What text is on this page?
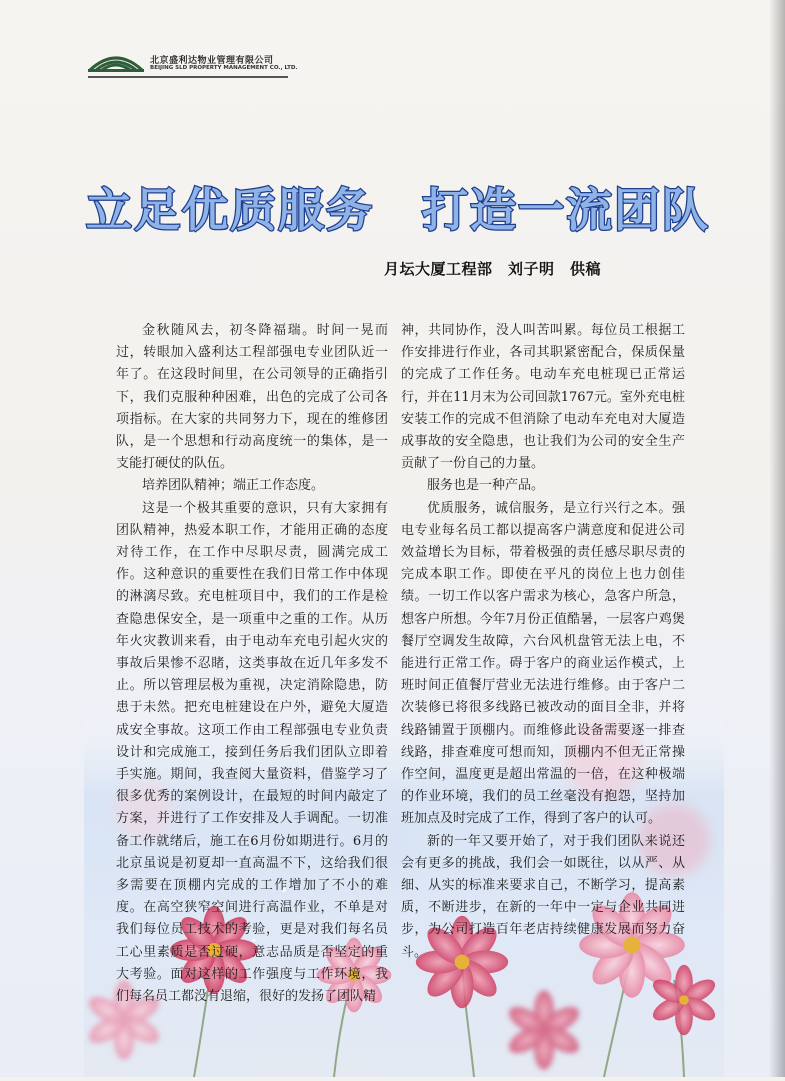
北京盛利达物业管理有限公司
BEIJING SLD PROPERTY MANAGEMENT CO., LTD.
立足优质服务　打造一流团队
月坛大厦工程部　刘子明　供稿

金秋随风去，初冬降福瑞。时间一晃而过，转眼加入盛利达工程部强电专业团队近一年了。在这段时间里，在公司领导的正确指引下，我们克服种种困难，出色的完成了公司各项指标。在大家的共同努力下，现在的维修团队，是一个思想和行动高度统一的集体，是一支能打硬仗的队伍。

培养团队精神；端正工作态度。

这是一个极其重要的意识，只有大家拥有团队精神，热爱本职工作，才能用正确的态度对待工作，在工作中尽职尽责，圆满完成工作。这种意识的重要性在我们日常工作中体现的淋漓尽致。充电桩项目中，我们的工作是检查隐患保安全，是一项重中之重的工作。从历年火灾教训来看，由于电动车充电引起火灾的事故后果惨不忍睹，这类事故在近几年多发不止。所以管理层极为重视，决定消除隐患，防患于未然。把充电桩建设在户外，避免大厦造成安全事故。这项工作由工程部强电专业负责设计和完成施工，接到任务后我们团队立即着手实施。期间，我查阅大量资料，借鉴学习了很多优秀的案例设计，在最短的时间内敲定了方案，并进行了工作安排及人手调配。一切准备工作就绪后，施工在6月份如期进行。6月的北京虽说是初夏却一直高温不下，这给我们很多需要在顶棚内完成的工作增加了不小的难度。在高空狭窄空间进行高温作业，不单是对我们每位员工技术的考验，更是对我们每名员工心里素质是否过硬，意志品质是否坚定的重大考验。面对这样的工作强度与工作环境，我们每名员工都没有退缩，很好的发扬了团队精

神，共同协作，没人叫苦叫累。每位员工根据工作安排进行作业，各司其职紧密配合，保质保量的完成了工作任务。电动车充电桩现已正常运行，并在11月末为公司回款1767元。室外充电桩安装工作的完成不但消除了电动车充电对大厦造成事故的安全隐患，也让我们为公司的安全生产贡献了一份自己的力量。

服务也是一种产品。

优质服务，诚信服务，是立行兴行之本。强电专业每名员工都以提高客户满意度和促进公司效益增长为目标，带着极强的责任感尽职尽责的完成本职工作。即使在平凡的岗位上也力创佳绩。一切工作以客户需求为核心，急客户所急，想客户所想。今年7月份正值酷暑，一层客户鸡煲餐厅空调发生故障，六台风机盘管无法上电，不能进行正常工作。碍于客户的商业运作模式，上班时间正值餐厅营业无法进行维修。由于客户二次装修已将很多线路已被改动的面目全非，并将线路铺置于顶棚内。而维修此设备需要逐一排查线路，排查难度可想而知，顶棚内不但无正常操作空间，温度更是超出常温的一倍，在这种极端的作业环境，我们的员工丝毫没有抱怨，坚持加班加点及时完成了工作，得到了客户的认可。

新的一年又要开始了，对于我们团队来说还会有更多的挑战，我们会一如既往，以从严、从细、从实的标准来要求自己，不断学习，提高素质，不断进步，在新的一年中一定与企业共同进步，为公司打造百年老店持续健康发展而努力奋斗。
